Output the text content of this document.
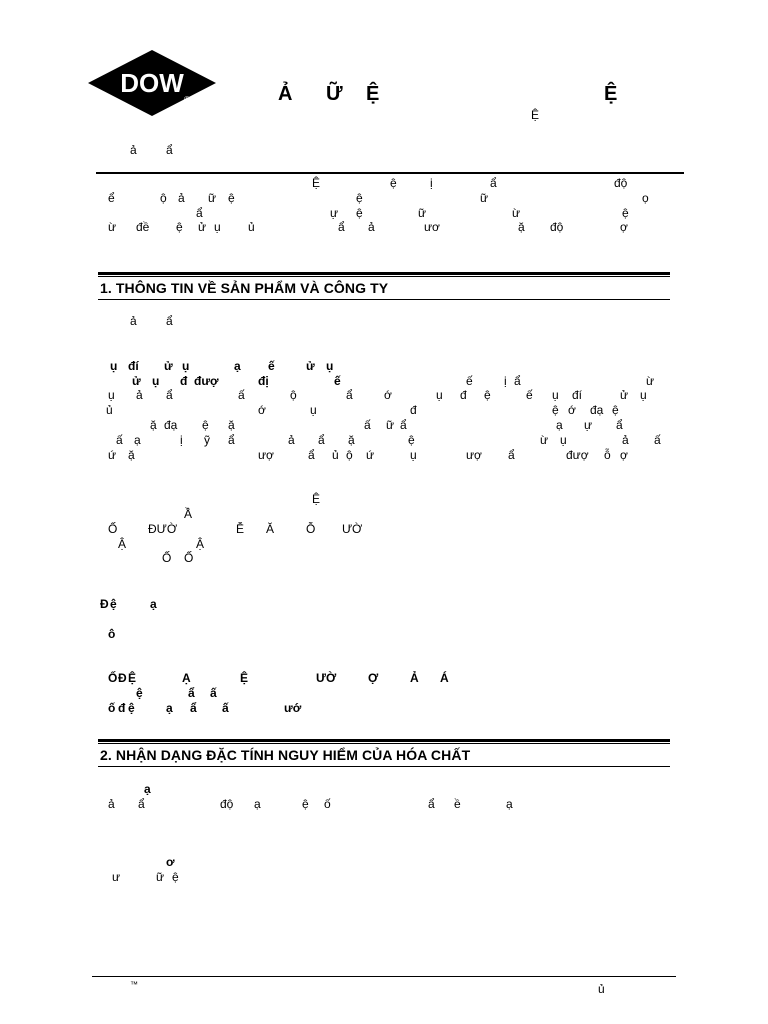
DOW
®	Ả Ữ Ệ	Ệ
Ệ
ả ẩ
Ệ	ệ	ị	ẩ	độ
ể	ộ ả ữ ệ	ệ	ữ	ọ
ẩ	ự ệ	ữ	ừ	ệ
ừ đề ệ ử ụ ủ	ẩ ả	ươ	ặ độ	ợ
1. THÔNG TIN VỀ SẢN PHẨM VÀ CÔNG TY
ả ẩ
ụ đí ử ụ	ạ ế	ử ụ
ử ụ đ đượ	đị	ế	ế	ị ẩ	ừ
ụ ả ẩ	ấ	ộ	ẩ	ớ	ụ đ ệ	ế ụ đí	ử ụ
ủ	ớ	ụ	đ	ệ ớ đạ ệ
ặ đạ ệ ặ	ấ ữ ẩ	ạ ự ẩ
ấ ạ	ị ỹ ẩ	ả ẩ ặ	ệ	ừ ụ	ả ấ
ứ ặ	ượ	ẩ ủ ộ ứ	ụ	ượ ẩ	đượ ỗ ợ
Ệ
Ầ
Ố	ĐƯỜ	Ễ Ă	Ỗ Ư Ờ
Ậ	Ậ
Ố Ố
Đ ệ	ạ
ô
Ố Đ Ệ	Ạ	Ệ	Ư Ờ	Ợ	Ả Á
ệ	ẩ ấ
ố đ ệ	ạ ẩ ấ	ướ
2. NHẬN DẠNG ĐẶC TÍNH NGUY HIỂM CỦA HÓA CHẤT
ạ
ả ẩ	độ ạ	ệ ố	ẩ ề	ạ
ơ
ư	ữ ệ
™	ủ
